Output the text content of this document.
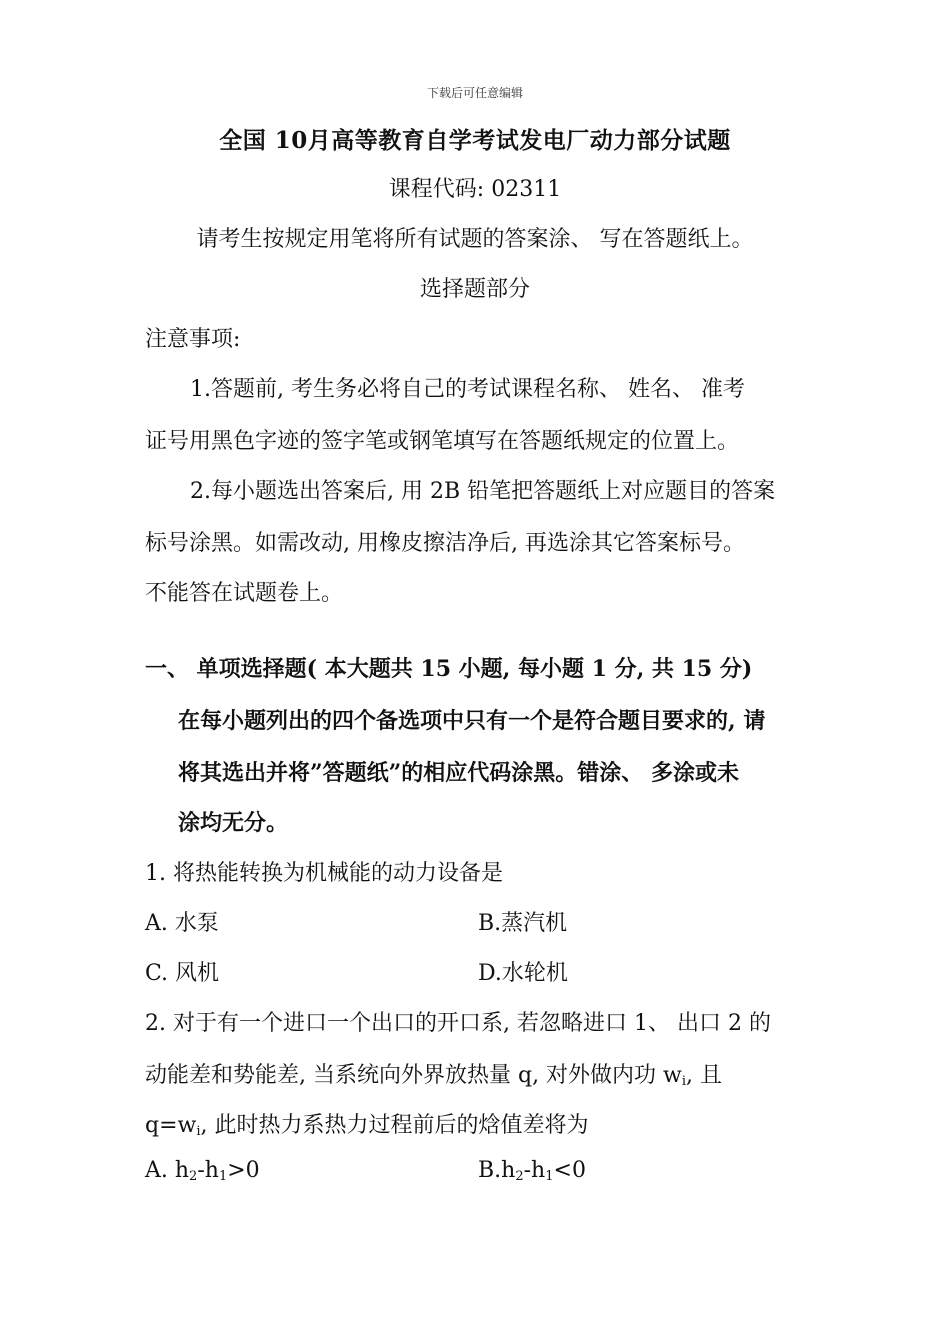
下载后可任意编辑
全国 10月高等教育自学考试发电厂动力部分试题
课程代码: 02311
请考生按规定用笔将所有试题的答案涂、 写在答题纸上。
选择题部分
注意事项:
1.答题前, 考生务必将自己的考试课程名称、 姓名、 准考
证号用黑色字迹的签字笔或钢笔填写在答题纸规定的位置上。
2.每小题选出答案后, 用 2B 铅笔把答题纸上对应题目的答案
标号涂黑。如需改动, 用橡皮擦洁净后, 再选涂其它答案标号。
不能答在试题卷上。
一、 单项选择题( 本大题共 15 小题, 每小题 1 分, 共 15 分)
在每小题列出的四个备选项中只有一个是符合题目要求的, 请
将其选出并将”答题纸”的相应代码涂黑。错涂、 多涂或未
涂均无分。
1. 将热能转换为机械能的动力设备是
A. 水泵	B.蒸汽机
C. 风机	D.水轮机
2. 对于有一个进口一个出口的开口系, 若忽略进口 1、 出口 2 的
动能差和势能差, 当系统向外界放热量 q, 对外做内功 $w_i$, 且
$q=w_i$, 此时热力系热力过程前后的焓值差将为
A. $h_2-h_1>0$	$B.h_2-h_1<0$
